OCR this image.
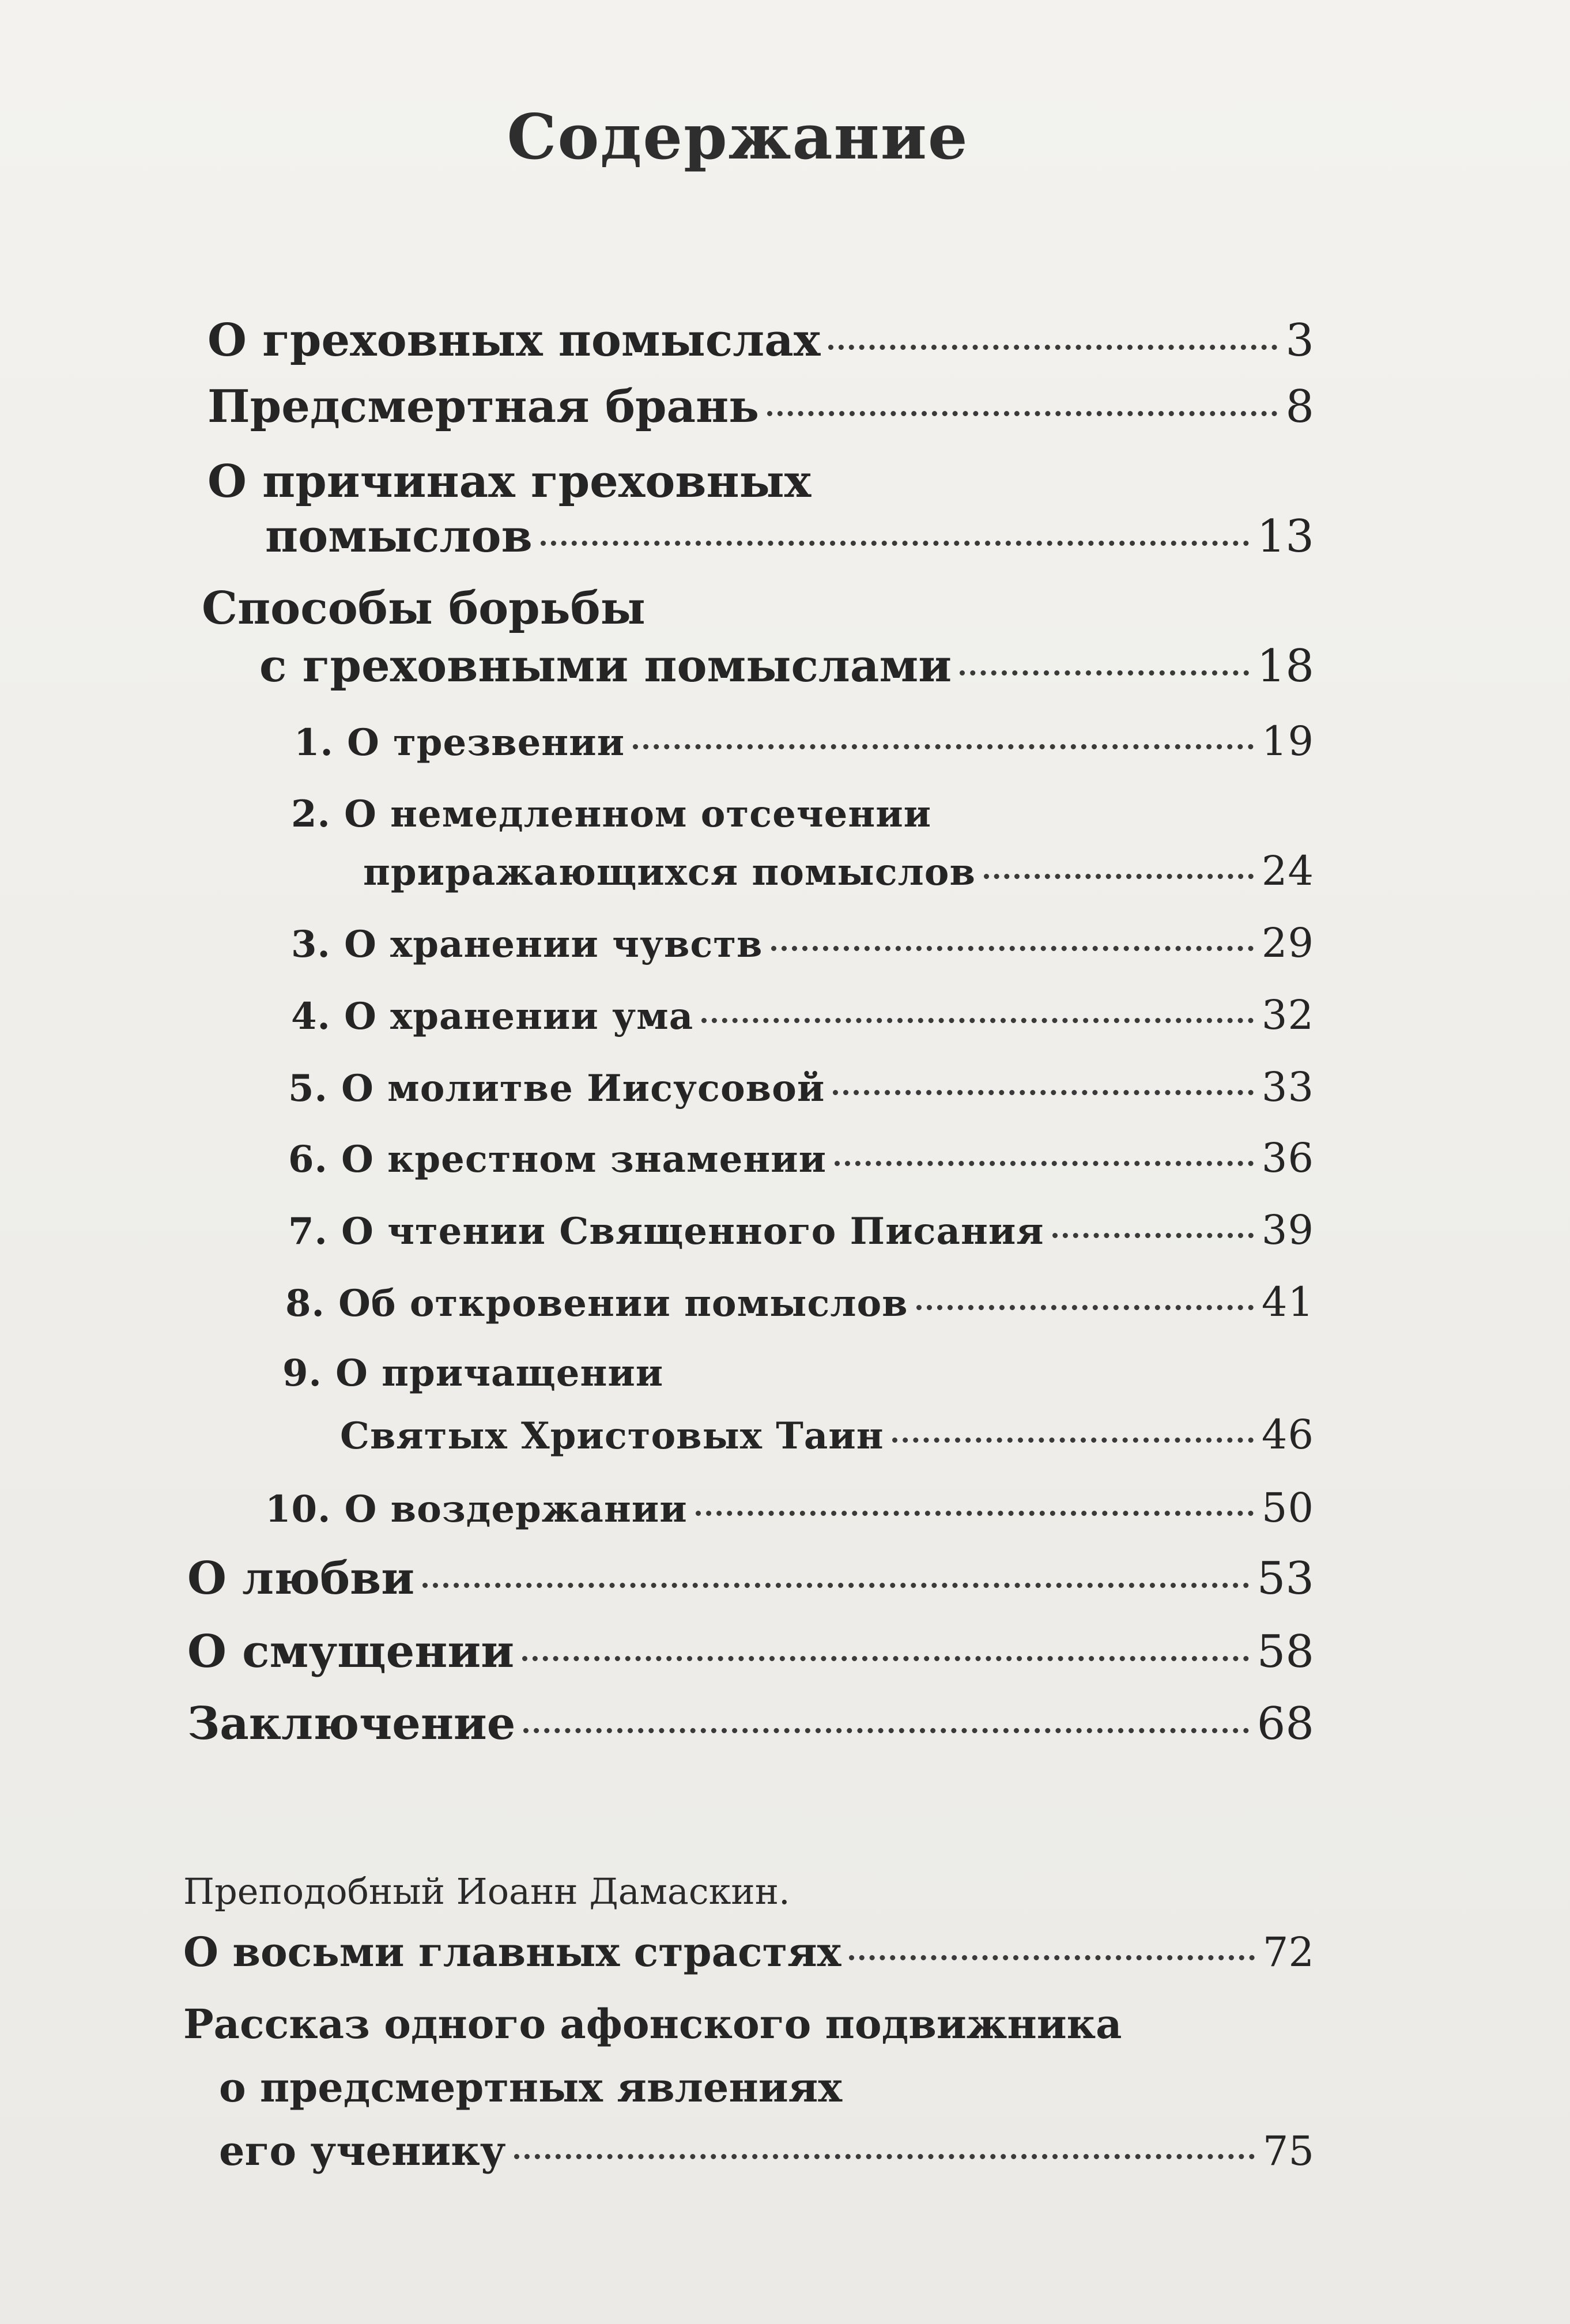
Содержание
О греховных помыслах	3
Предсмертная брань	8
О причинах греховных
помыслов	13
Способы борьбы
с греховными помыслами	18
1. О трезвении	19
2. О немедленном отсечении
приражающихся помыслов	24
3. О хранении чувств	29
4. О хранении ума	32
5. О молитве Иисусовой	33
6. О крестном знамении	36
7. О чтении Священного Писания	39
8. Об откровении помыслов	41
9. О причащении
Святых Христовых Таин	46
10. О воздержании	50
О любви	53
О смущении	58
Заключение	68
Преподобный Иоанн Дамаскин.
О восьми главных страстях	72
Рассказ одного афонского подвижника
о предсмертных явлениях
его ученику	75
